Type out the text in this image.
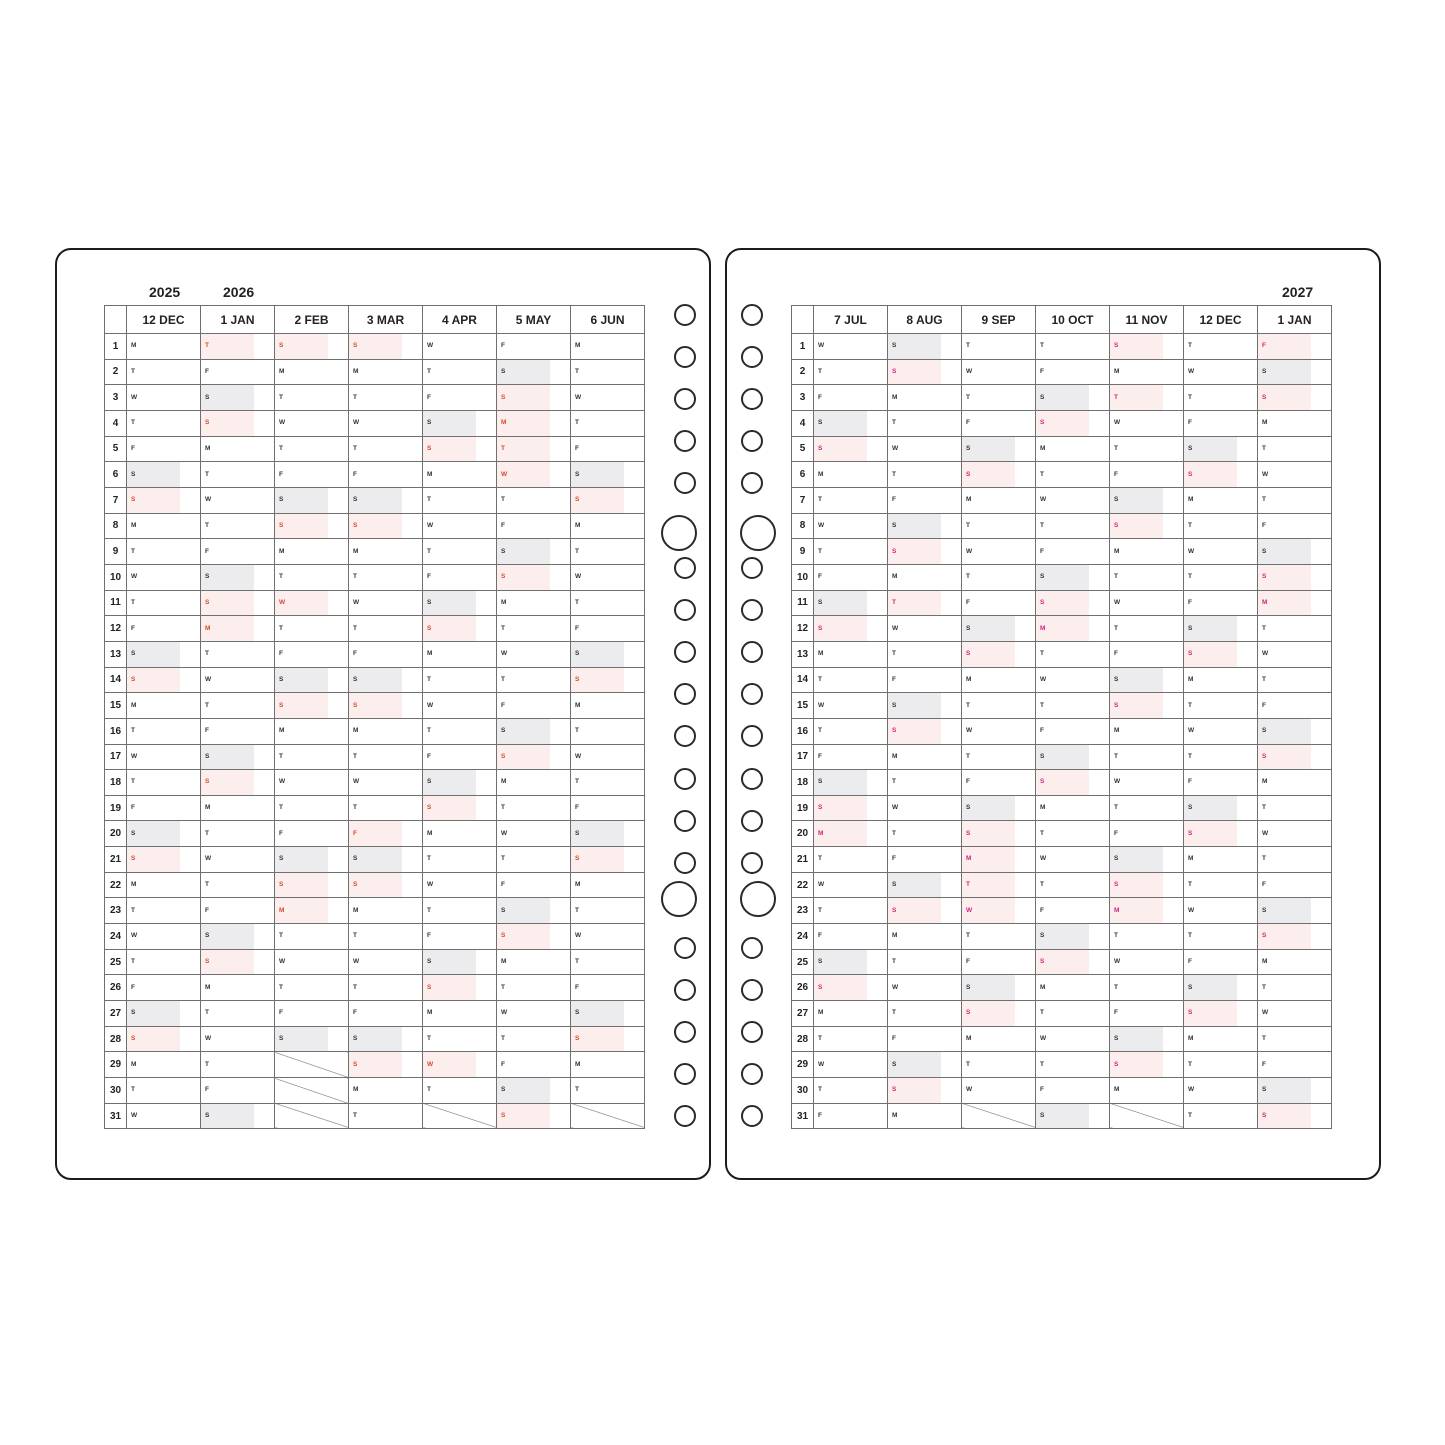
2025	2026
	12 DEC	1 JAN	2 FEB	3 MAR	4 APR	5 MAY	6 JUN
1	M	T	S	S	W	F	M

2	T	F	M	M	T	S	T

3	W	S	T	T	F	S	W

4	T	S	W	W	S	M	T

5	F	M	T	T	S	T	F

6	S	T	F	F	M	W	S

7	S	W	S	S	T	T	S

8	M	T	S	S	W	F	M

9	T	F	M	M	T	S	T

10	W	S	T	T	F	S	W

11	T	S	W	W	S	M	T

12	F	M	T	T	S	T	F

13	S	T	F	F	M	W	S

14	S	W	S	S	T	T	S

15	M	T	S	S	W	F	M

16	T	F	M	M	T	S	T

17	W	S	T	T	F	S	W

18	T	S	W	W	S	M	T

19	F	M	T	T	S	T	F

20	S	T	F	F	M	W	S

21	S	W	S	S	T	T	S

22	M	T	S	S	W	F	M

23	T	F	M	M	T	S	T

24	W	S	T	T	F	S	W

25	T	S	W	W	S	M	T

26	F	M	T	T	S	T	F

27	S	T	F	F	M	W	S

28	S	W	S	S	T	T	S

29	M	T		S	W	F	M

30	T	F		M	T	S	T

31	W	S		T		S	

2027
	7 JUL	8 AUG	9 SEP	10 OCT	11 NOV	12 DEC	1 JAN
1	W	S	T	T	S	T	F

2	T	S	W	F	M	W	S

3	F	M	T	S	T	T	S

4	S	T	F	S	W	F	M

5	S	W	S	M	T	S	T

6	M	T	S	T	F	S	W

7	T	F	M	W	S	M	T

8	W	S	T	T	S	T	F

9	T	S	W	F	M	W	S

10	F	M	T	S	T	T	S

11	S	T	F	S	W	F	M

12	S	W	S	M	T	S	T

13	M	T	S	T	F	S	W

14	T	F	M	W	S	M	T

15	W	S	T	T	S	T	F

16	T	S	W	F	M	W	S

17	F	M	T	S	T	T	S

18	S	T	F	S	W	F	M

19	S	W	S	M	T	S	T

20	M	T	S	T	F	S	W

21	T	F	M	W	S	M	T

22	W	S	T	T	S	T	F

23	T	S	W	F	M	W	S

24	F	M	T	S	T	T	S

25	S	T	F	S	W	F	M

26	S	W	S	M	T	S	T

27	M	T	S	T	F	S	W

28	T	F	M	W	S	M	T

29	W	S	T	T	S	T	F

30	T	S	W	F	M	W	S

31	F	M		S		T	S
